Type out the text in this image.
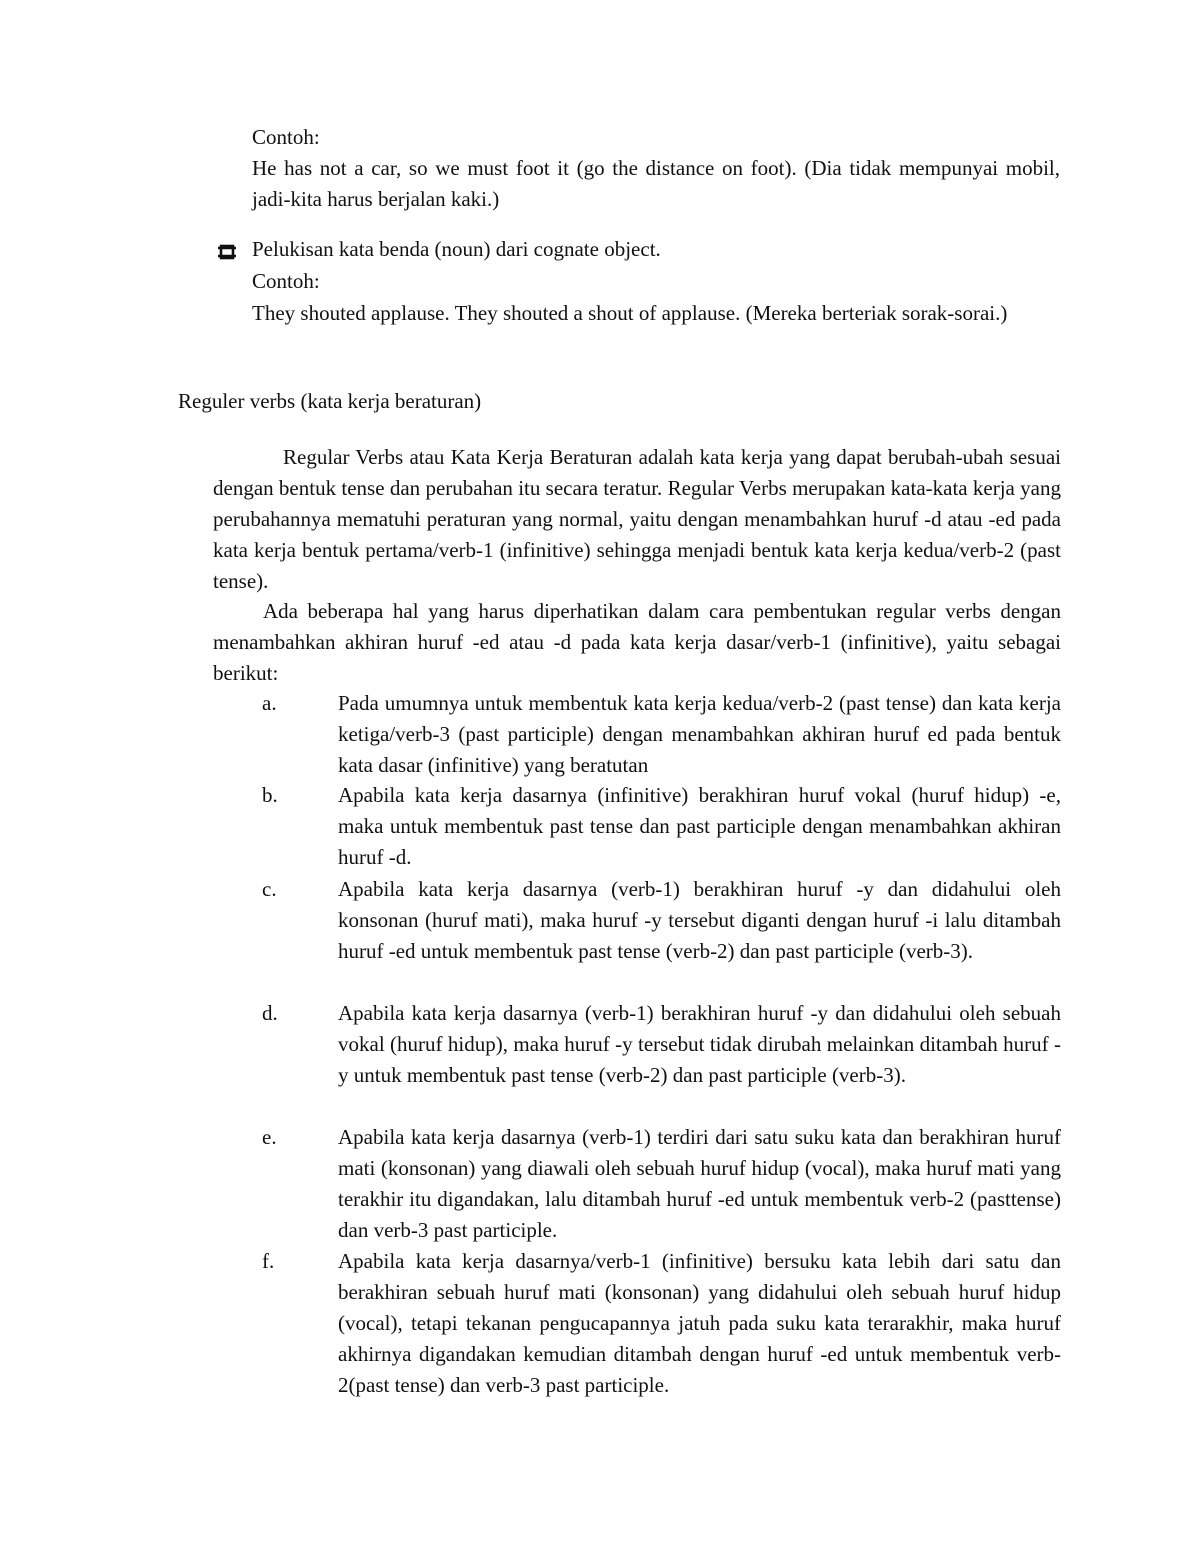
Contoh:
He has not a car, so we must foot it (go the distance on foot). (Dia tidak mempunyai mobil, jadi-kita harus berjalan kaki.)
Pelukisan kata benda (noun) dari cognate object.
Contoh:
They shouted applause. They shouted a shout of applause. (Mereka berteriak sorak-sorai.)
Reguler verbs (kata kerja beraturan)
Regular Verbs atau Kata Kerja Beraturan adalah kata kerja yang dapat berubah-ubah sesuai dengan bentuk tense dan perubahan itu secara teratur. Regular Verbs merupakan kata-kata kerja yang perubahannya mematuhi peraturan yang normal, yaitu dengan menambahkan huruf -d atau -ed pada kata kerja bentuk pertama/verb-1 (infinitive) sehingga menjadi bentuk kata kerja kedua/verb-2 (past tense).
Ada beberapa hal yang harus diperhatikan dalam cara pembentukan regular verbs dengan menambahkan akhiran huruf -ed atau -d pada kata kerja dasar/verb-1 (infinitive), yaitu sebagai berikut:
a.	Pada umumnya untuk membentuk kata kerja kedua/verb-2 (past tense) dan kata kerja ketiga/verb-3 (past participle) dengan menambahkan akhiran huruf ed pada bentuk kata dasar (infinitive) yang beratutan
b.	Apabila kata kerja dasarnya (infinitive) berakhiran huruf vokal (huruf hidup) -e, maka untuk membentuk past tense dan past participle dengan menambahkan akhiran huruf -d.
c.	Apabila kata kerja dasarnya (verb-1) berakhiran huruf -y dan didahului oleh konsonan (huruf mati), maka huruf -y tersebut diganti dengan huruf -i lalu ditambah huruf -ed untuk membentuk past tense (verb-2) dan past participle (verb-3).
d.	Apabila kata kerja dasarnya (verb-1) berakhiran huruf -y dan didahului oleh sebuah vokal (huruf hidup), maka huruf -y tersebut tidak dirubah melainkan ditambah huruf -y untuk membentuk past tense (verb-2) dan past participle (verb-3).
e.	Apabila kata kerja dasarnya (verb-1) terdiri dari satu suku kata dan berakhiran huruf mati (konsonan) yang diawali oleh sebuah huruf hidup (vocal), maka huruf mati yang terakhir itu digandakan, lalu ditambah huruf -ed untuk membentuk verb-2 (pasttense) dan verb-3 past participle.
f.	Apabila kata kerja dasarnya/verb-1 (infinitive) bersuku kata lebih dari satu dan berakhiran sebuah huruf mati (konsonan) yang didahului oleh sebuah huruf hidup (vocal), tetapi tekanan pengucapannya jatuh pada suku kata terarakhir, maka huruf akhirnya digandakan kemudian ditambah dengan huruf -ed untuk membentuk verb-2(past tense) dan verb-3 past participle.
